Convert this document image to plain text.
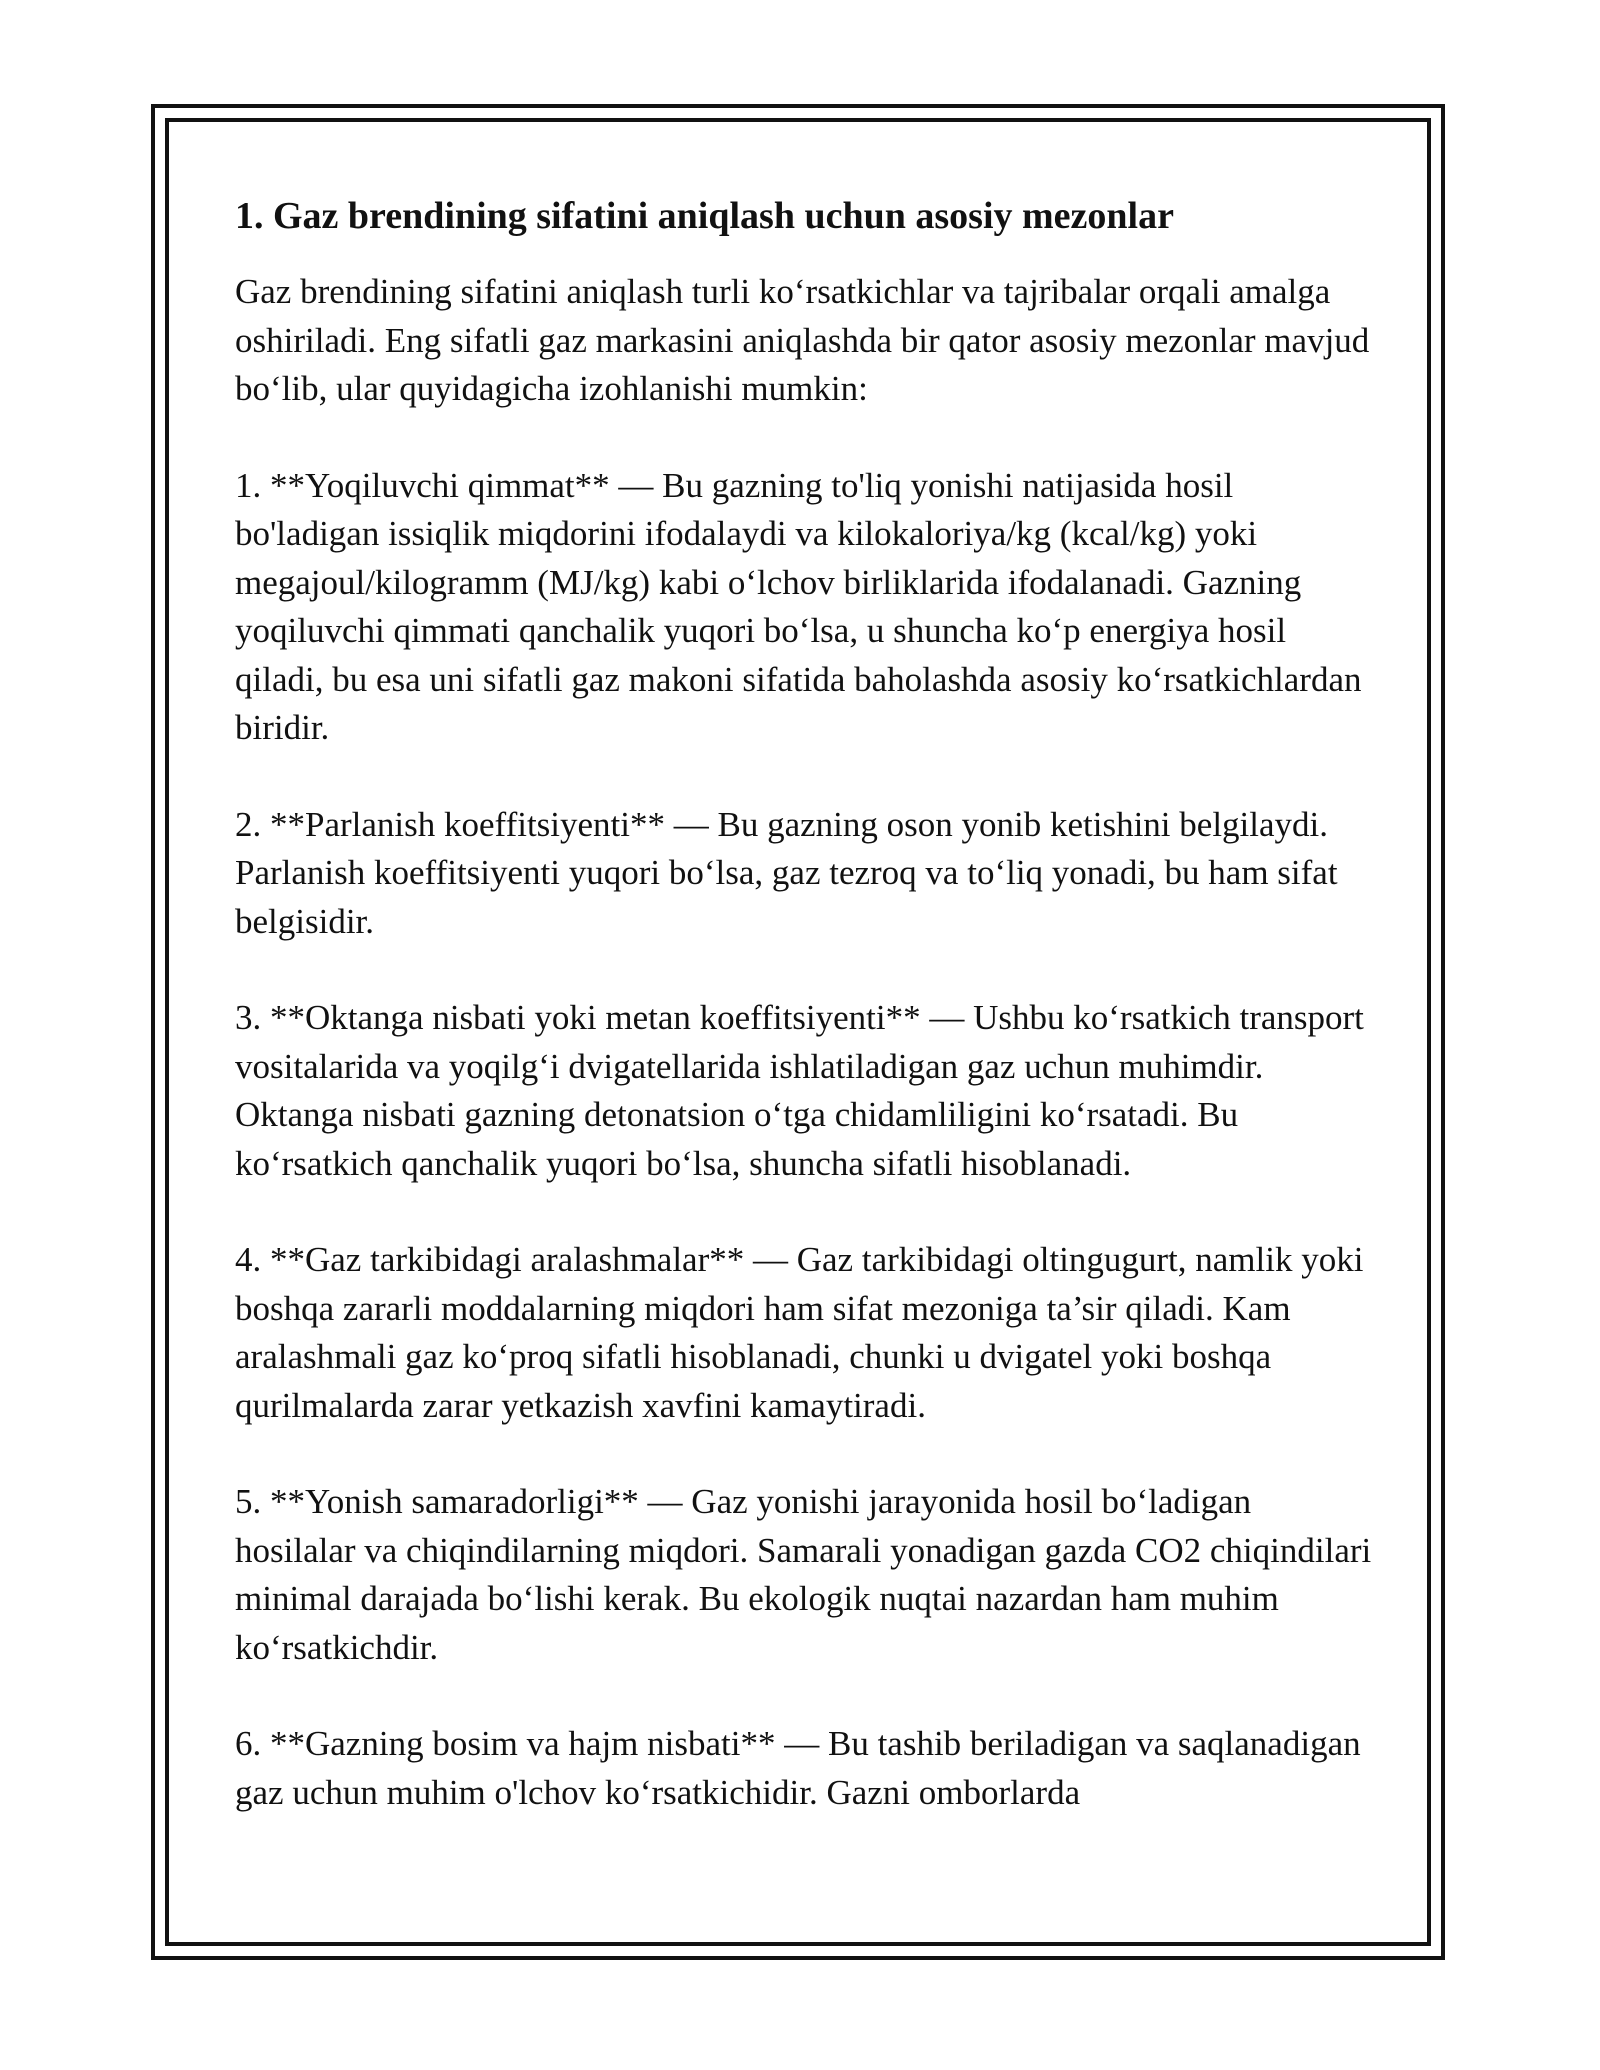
1. Gaz brendining sifatini aniqlash uchun asosiy mezonlar

Gaz brendining sifatini aniqlash turli ko‘rsatkichlar va tajribalar orqali amalga oshiriladi. Eng sifatli gaz markasini aniqlashda bir qator asosiy mezonlar mavjud bo‘lib, ular quyidagicha izohlanishi mumkin:

1. **Yoqiluvchi qimmat** — Bu gazning to'liq yonishi natijasida hosil bo'ladigan issiqlik miqdorini ifodalaydi va kilokaloriya/kg (kcal/kg) yoki megajoul/kilogramm (MJ/kg) kabi o‘lchov birliklarida ifodalanadi. Gazning yoqiluvchi qimmati qanchalik yuqori bo‘lsa, u shuncha ko‘p energiya hosil qiladi, bu esa uni sifatli gaz makoni sifatida baholashda asosiy ko‘rsatkichlardan biridir.

2. **Parlanish koeffitsiyenti** — Bu gazning oson yonib ketishini belgilaydi. Parlanish koeffitsiyenti yuqori bo‘lsa, gaz tezroq va to‘liq yonadi, bu ham sifat belgisidir.

3. **Oktanga nisbati yoki metan koeffitsiyenti** — Ushbu ko‘rsatkich transport vositalarida va yoqilg‘i dvigatellarida ishlatiladigan gaz uchun muhimdir. Oktanga nisbati gazning detonatsion o‘tga chidamliligini ko‘rsatadi. Bu ko‘rsatkich qanchalik yuqori bo‘lsa, shuncha sifatli hisoblanadi.

4. **Gaz tarkibidagi aralashmalar** — Gaz tarkibidagi oltingugurt, namlik yoki boshqa zararli moddalarning miqdori ham sifat mezoniga ta’sir qiladi. Kam aralashmali gaz ko‘proq sifatli hisoblanadi, chunki u dvigatel yoki boshqa qurilmalarda zarar yetkazish xavfini kamaytiradi.

5. **Yonish samaradorligi** — Gaz yonishi jarayonida hosil bo‘ladigan hosilalar va chiqindilarning miqdori. Samarali yonadigan gazda CO2 chiqindilari minimal darajada bo‘lishi kerak. Bu ekologik nuqtai nazardan ham muhim ko‘rsatkichdir.

6. **Gazning bosim va hajm nisbati** — Bu tashib beriladigan va saqlanadigan gaz uchun muhim o'lchov ko‘rsatkichidir. Gazni omborlarda
